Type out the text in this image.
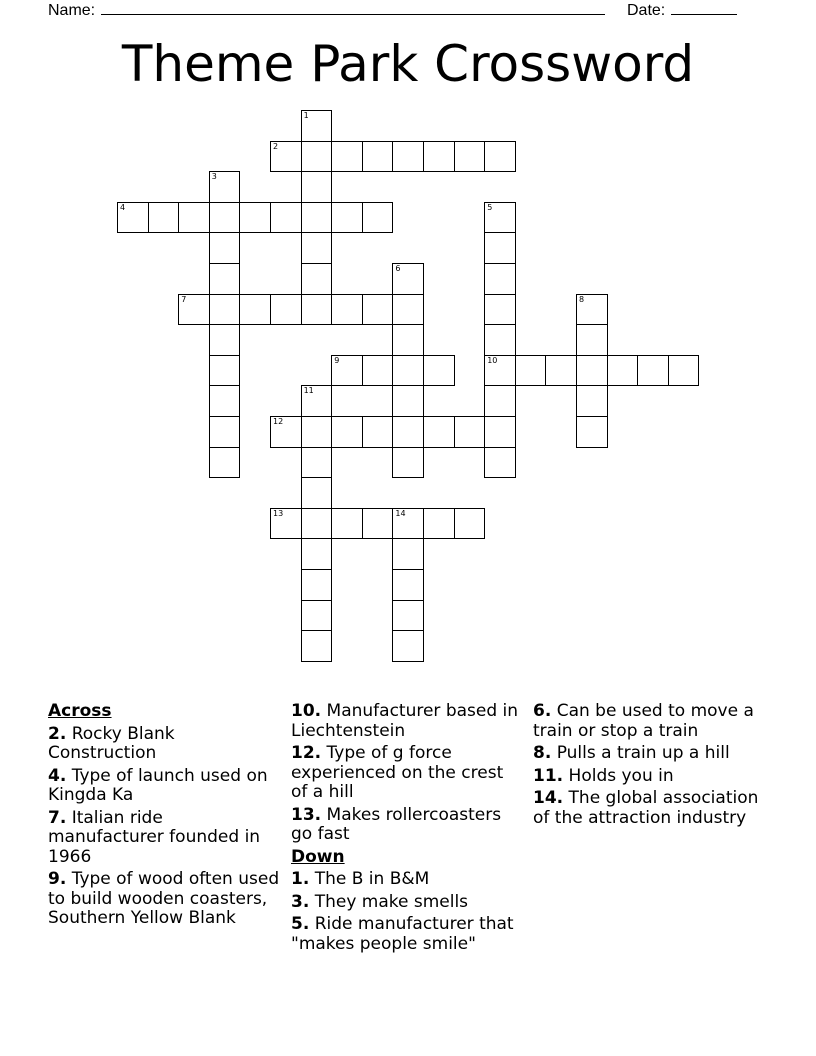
Name:	Date:
Theme Park Crossword
1
2
3
4	5
10
6
7	8
9
11
12
13	14
Across
2. Rocky Blank Construction
4. Type of launch used on Kingda Ka
7. Italian ride manufacturer founded in 1966
9. Type of wood often used to build wooden coasters, Southern Yellow Blank
10. Manufacturer based in Liechtenstein
12. Type of g force experienced on the crest of a hill
13. Makes rollercoasters go fast
Down
1. The B in B&M
3. They make smells
5. Ride manufacturer that "makes people smile"
6. Can be used to move a train or stop a train
8. Pulls a train up a hill
11. Holds you in
14. The global association of the attraction industry
